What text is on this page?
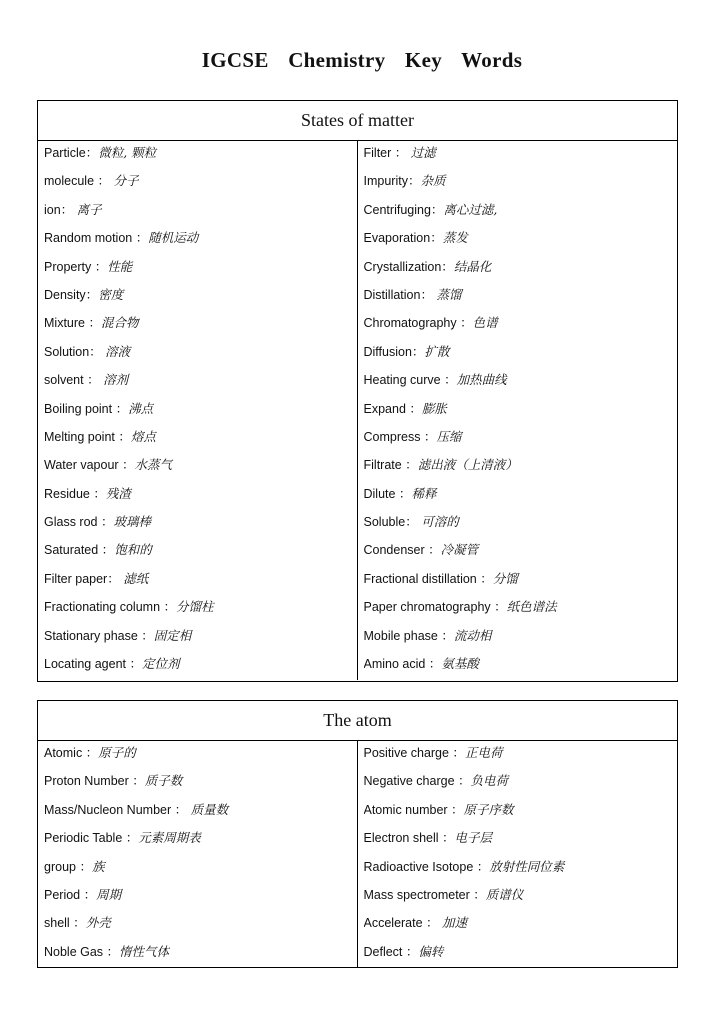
IGCSE Chemistry Key Words
States of matter
Particle：微粒, 颗粒
molecule ： 分子
ion： 离子
Random motion ：随机运动
Property ：性能
Density：密度
Mixture ：混合物
Solution： 溶液
solvent ： 溶剂
Boiling point ：沸点
Melting point ：熔点
Water vapour ：水蒸气
Residue ：残渣
Glass rod ：玻璃棒
Saturated ：饱和的
Filter paper： 滤纸
Fractionating column ：分馏柱
Stationary phase ：固定相
Locating agent ：定位剂
Filter ： 过滤
Impurity：杂质
Centrifuging：离心过滤,
Evaporation：蒸发
Crystallization：结晶化
Distillation： 蒸馏
Chromatography ：色谱
Diffusion：扩散
Heating curve ：加热曲线
Expand ：膨胀
Compress ：压缩
Filtrate ：滤出液（上清液）
Dilute ：稀释
Soluble： 可溶的
Condenser ：冷凝管
Fractional distillation ：分馏
Paper chromatography ：纸色谱法
Mobile phase ：流动相
Amino acid ：氨基酸
The atom
Atomic ：原子的
Proton Number ：质子数
Mass/Nucleon Number ： 质量数
Periodic Table ：元素周期表
group ：族
Period ：周期
shell ：外壳
Noble Gas ：惰性气体
Positive charge ：正电荷
Negative charge ：负电荷
Atomic number ：原子序数
Electron shell ：电子层
Radioactive Isotope ：放射性同位素
Mass spectrometer ：质谱仪
Accelerate ： 加速
Deflect ：偏转
